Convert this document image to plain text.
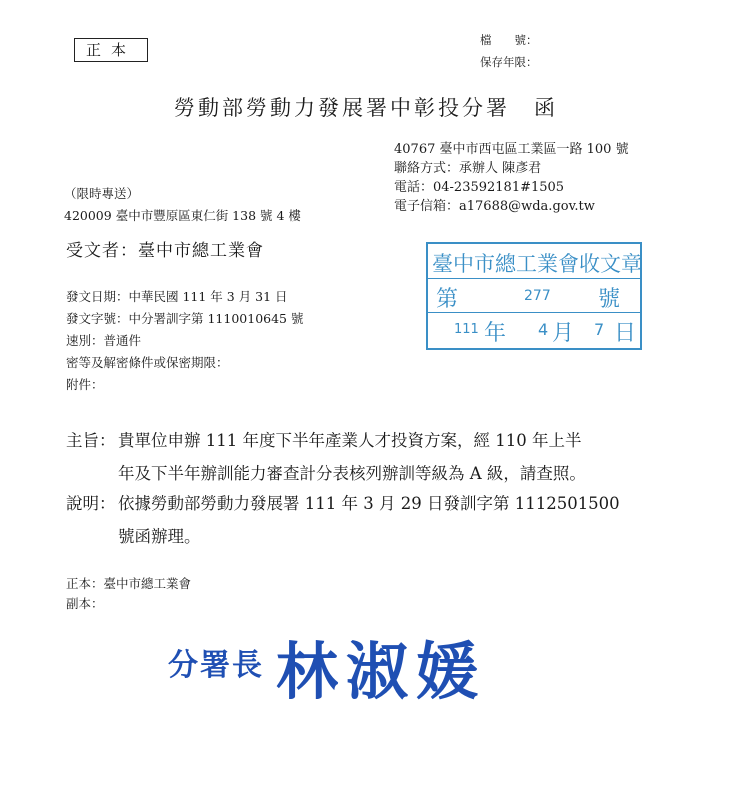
正本
檔　　號：
保存年限：
勞動部勞動力發展署中彰投分署　函
40767 臺中市西屯區工業區一路 100 號
聯絡方式：承辦人 陳彥君
電話：04-23592181#1505
電子信箱：a17688@wda.gov.tw
（限時專送）
420009 臺中市豐原區東仁街 138 號 4 樓
受文者：臺中市總工業會
發文日期：中華民國 111 年 3 月 31 日
發文字號：中分署訓字第 1110010645 號
速別：普通件
密等及解密條件或保密期限：
附件：
臺中市總工業會收文章
第	277 號
111 年 4 月 7 日
主旨： 貴單位申辦 111 年度下半年產業人才投資方案，經 110 年上半
年及下半年辦訓能力審查計分表核列辦訓等級為 A 級，請查照。
說明： 依據勞動部勞動力發展署 111 年 3 月 29 日發訓字第 1112501500
號函辦理。
正本：臺中市總工業會
副本：
分署長 林淑媛
